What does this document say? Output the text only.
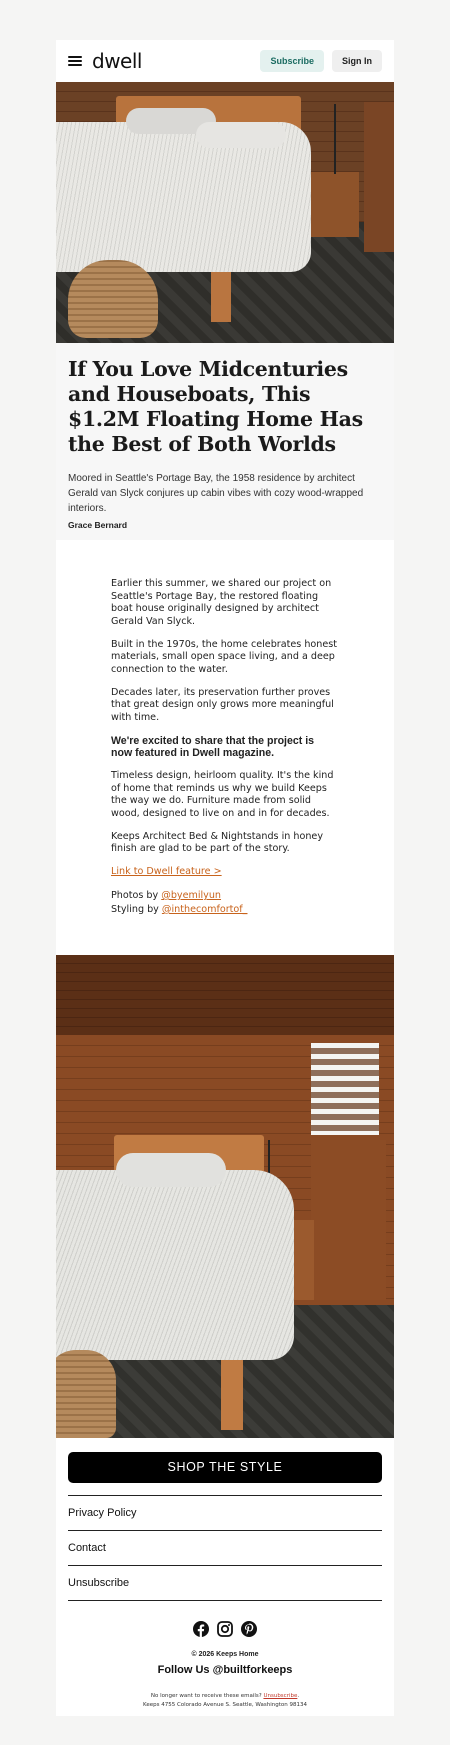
dwell	Subscribe	Sign In
If You Love Midcenturies and Houseboats, This $1.2M Floating Home Has the Best of Both Worlds

Moored in Seattle's Portage Bay, the 1958 residence by architect Gerald van Slyck conjures up cabin vibes with cozy wood-wrapped interiors.

Grace Bernard

Earlier this summer, we shared our project on Seattle's Portage Bay, the restored floating boat house originally designed by architect Gerald Van Slyck.

Built in the 1970s, the home celebrates honest materials, small open space living, and a deep connection to the water.

Decades later, its preservation further proves that great design only grows more meaningful with time.

We're excited to share that the project is now featured in Dwell magazine.

Timeless design, heirloom quality. It's the kind of home that reminds us why we build Keeps the way we do. Furniture made from solid wood, designed to live on and in for decades.

Keeps Architect Bed & Nightstands in honey finish are glad to be part of the story.

Link to Dwell feature >

Photos by @byemilyun
Styling by @inthecomfortof_
SHOP THE STYLE
Privacy Policy
Contact
Unsubscribe

© 2026 Keeps Home

Follow Us @builtforkeeps

No longer want to receive these emails? Unsubscribe.
Keeps 4755 Colorado Avenue S. Seattle, Washington 98134
